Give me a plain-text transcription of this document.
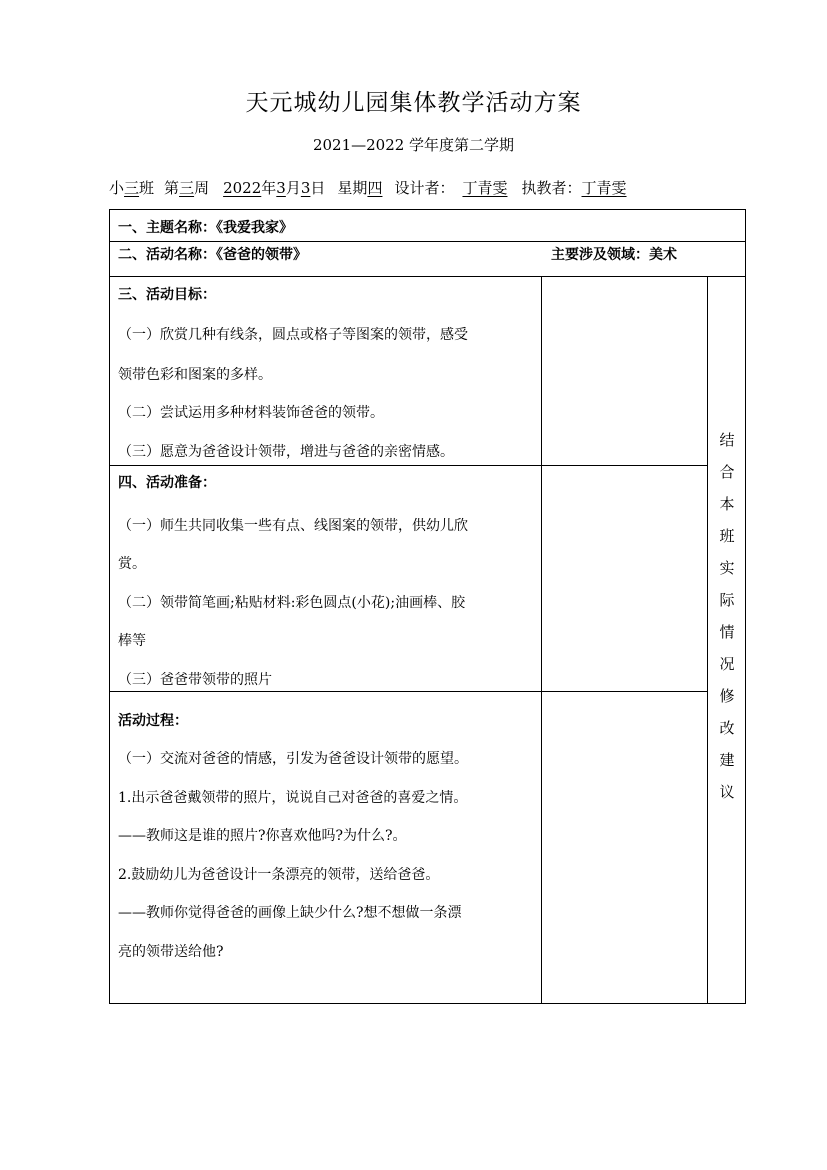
天元城幼儿园集体教学活动方案
2021—2022 学年度第二学期
小三班 第三周 2022年3月3日 星期四 设计者： 丁青雯 执教者：丁青雯
一、主题名称：《我爱我家》
二、活动名称：《爸爸的领带》	主要涉及领域：美术
三、活动目标：
（一）欣赏几种有线条，圆点或格子等图案的领带，感受
领带色彩和图案的多样。
（二）尝试运用多种材料装饰爸爸的领带。
（三）愿意为爸爸设计领带，增进与爸爸的亲密情感。
四、活动准备：
（一）师生共同收集一些有点、线图案的领带，供幼儿欣
赏。
（二）领带简笔画;粘贴材料:彩色圆点(小花);油画棒、胶
棒等
（三）爸爸带领带的照片
活动过程：
（一）交流对爸爸的情感，引发为爸爸设计领带的愿望。
1.出示爸爸戴领带的照片，说说自己对爸爸的喜爱之情。
——教师这是谁的照片?你喜欢他吗?为什么?。
2.鼓励幼儿为爸爸设计一条漂亮的领带，送给爸爸。
——教师你觉得爸爸的画像上缺少什么?想不想做一条漂
亮的领带送给他?
结
合
本
班
实
际
情
况
修
改
建
议
